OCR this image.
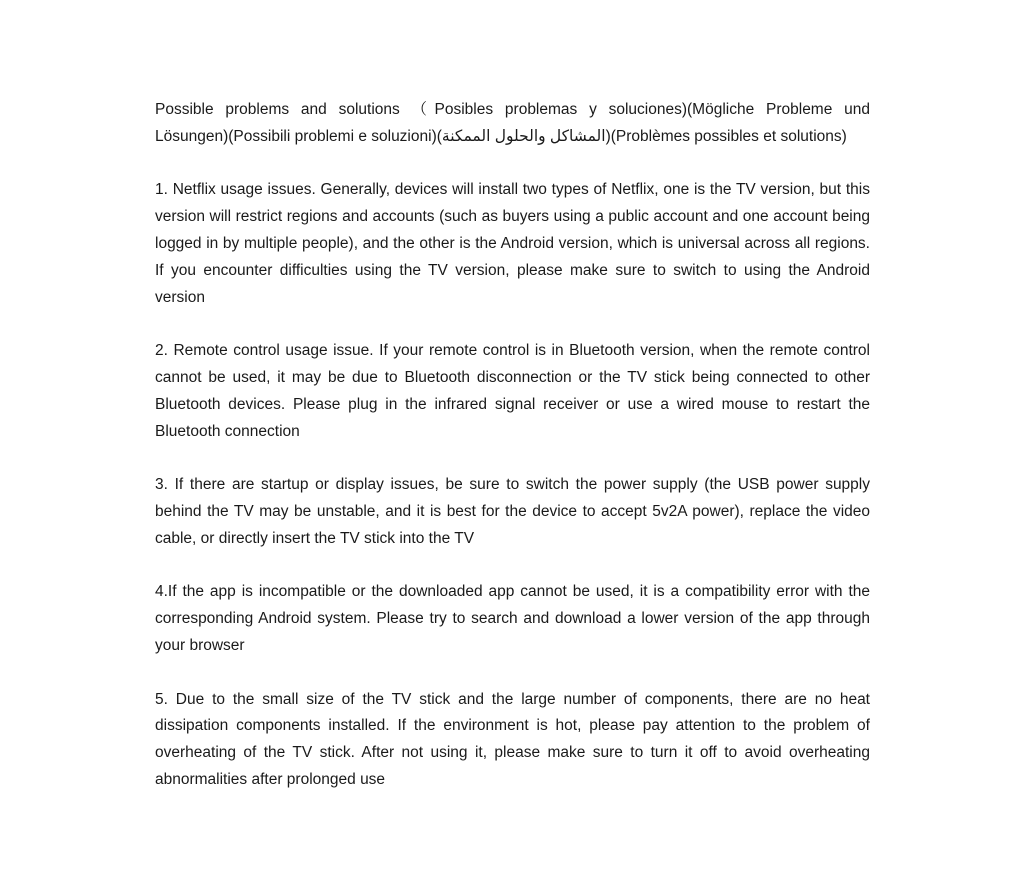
Possible problems and solutions （Posibles problemas y soluciones)(Mögliche Probleme und Lösungen)(Possibili problemi e soluzioni)(المشاكل والحلول الممكنة)(Problèmes possibles et solutions)

1. Netflix usage issues. Generally, devices will install two types of Netflix, one is the TV version, but this version will restrict regions and accounts (such as buyers using a public account and one account being logged in by multiple people), and the other is the Android version, which is universal across all regions. If you encounter difficulties using the TV version, please make sure to switch to using the Android version

2. Remote control usage issue. If your remote control is in Bluetooth version, when the remote control cannot be used, it may be due to Bluetooth disconnection or the TV stick being connected to other Bluetooth devices. Please plug in the infrared signal receiver or use a wired mouse to restart the Bluetooth connection

3. If there are startup or display issues, be sure to switch the power supply (the USB power supply behind the TV may be unstable, and it is best for the device to accept 5v2A power), replace the video cable, or directly insert the TV stick into the TV

4.If the app is incompatible or the downloaded app cannot be used, it is a compatibility error with the corresponding Android system. Please try to search and download a lower version of the app through your browser

5. Due to the small size of the TV stick and the large number of components, there are no heat dissipation components installed. If the environment is hot, please pay attention to the problem of overheating of the TV stick. After not using it, please make sure to turn it off to avoid overheating abnormalities after prolonged use
